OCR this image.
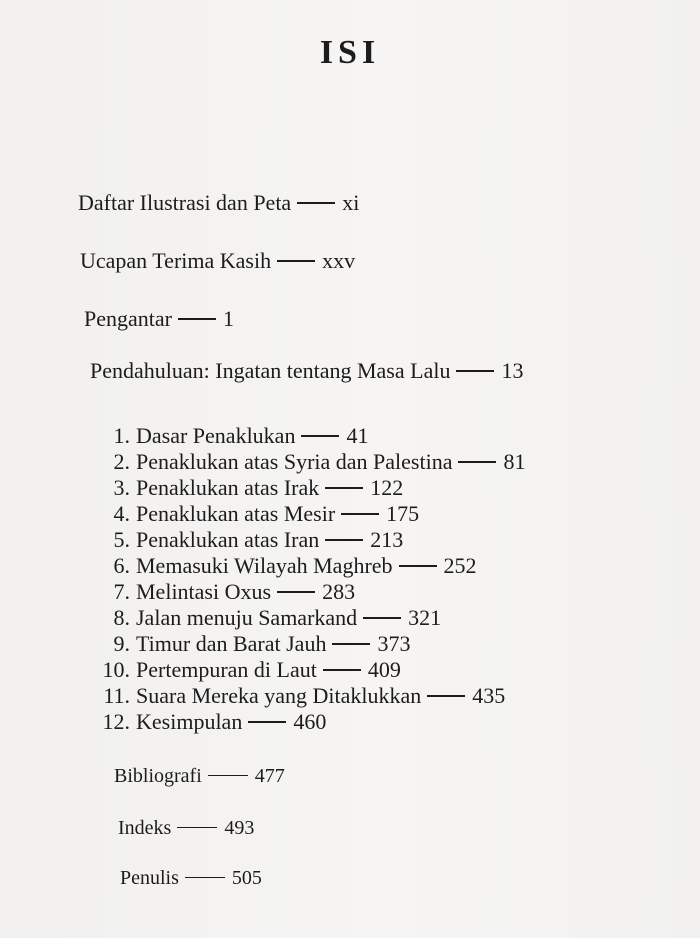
ISI
Daftar Ilustrasi dan Peta xi
Ucapan Terima Kasih xxv
Pengantar 1
Pendahuluan: Ingatan tentang Masa Lalu 13
1. Dasar Penaklukan 41
2. Penaklukan atas Syria dan Palestina 81
3. Penaklukan atas Irak 122
4. Penaklukan atas Mesir 175
5. Penaklukan atas Iran 213
6. Memasuki Wilayah Maghreb 252
7. Melintasi Oxus 283
8. Jalan menuju Samarkand 321
9. Timur dan Barat Jauh 373
10. Pertempuran di Laut 409
11. Suara Mereka yang Ditaklukkan 435
12. Kesimpulan 460
Bibliografi	477
Indeks	493
Penulis	505
